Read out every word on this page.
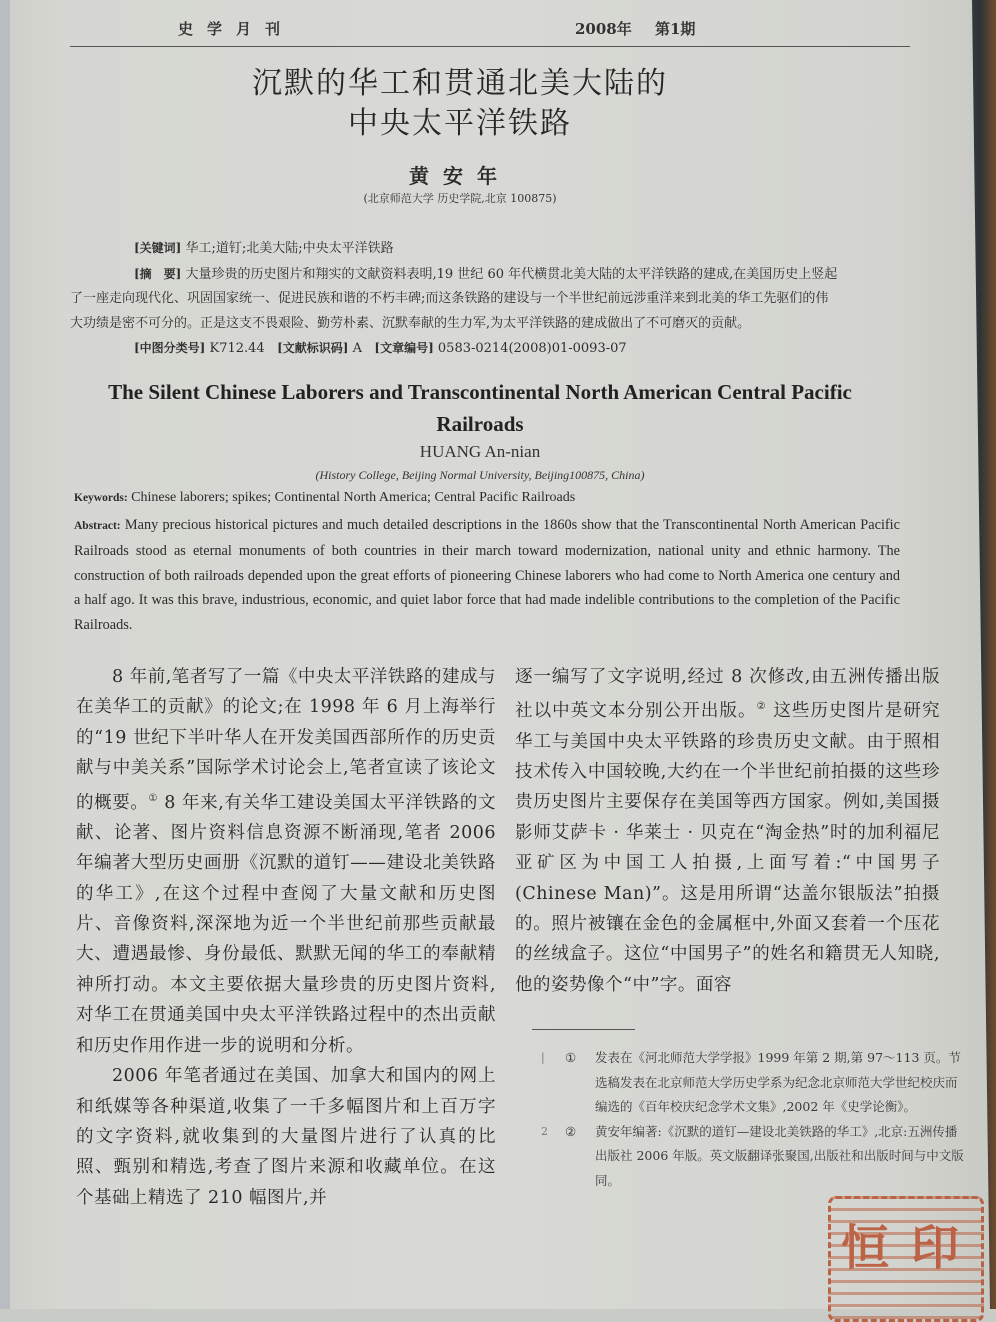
史学月刊	2008年 第1期
沉默的华工和贯通北美大陆的
中央太平洋铁路
黄安年
(北京师范大学 历史学院,北京 100875)
[关键词] 华工;道钉;北美大陆;中央太平洋铁路
[摘　要] 大量珍贵的历史图片和翔实的文献资料表明,19 世纪 60 年代横贯北美大陆的太平洋铁路的建成,在美国历史上竖起了一座走向现代化、巩固国家统一、促进民族和谐的不朽丰碑;而这条铁路的建设与一个半世纪前远涉重洋来到北美的华工先驱们的伟大功绩是密不可分的。正是这支不畏艰险、勤劳朴素、沉默奉献的生力军,为太平洋铁路的建成做出了不可磨灭的贡献。
[中图分类号] K712.44 [文献标识码] A [文章编号] 0583-0214(2008)01-0093-07
The Silent Chinese Laborers and Transcontinental North American Central Pacific Railroads
HUANG An-nian
(History College, Beijing Normal University, Beijing100875, China)
Keywords: Chinese laborers; spikes; Continental North America; Central Pacific Railroads
Abstract: Many precious historical pictures and much detailed descriptions in the 1860s show that the Transcontinental North American Pacific Railroads stood as eternal monuments of both countries in their march toward modernization, national unity and ethnic harmony. The construction of both railroads depended upon the great efforts of pioneering Chinese laborers who had come to North America one century and a half ago. It was this brave, industrious, economic, and quiet labor force that had made indelible contributions to the completion of the Pacific Railroads.

8 年前,笔者写了一篇《中央太平洋铁路的建成与在美华工的贡献》的论文;在 1998 年 6 月上海举行的“19 世纪下半叶华人在开发美国西部所作的历史贡献与中美关系”国际学术讨论会上,笔者宣读了该论文的概要。① 8 年来,有关华工建设美国太平洋铁路的文献、论著、图片资料信息资源不断涌现,笔者 2006 年编著大型历史画册《沉默的道钉——建设北美铁路的华工》,在这个过程中查阅了大量文献和历史图片、音像资料,深深地为近一个半世纪前那些贡献最大、遭遇最惨、身份最低、默默无闻的华工的奉献精神所打动。本文主要依据大量珍贵的历史图片资料,对华工在贯通美国中央太平洋铁路过程中的杰出贡献和历史作用作进一步的说明和分析。

2006 年笔者通过在美国、加拿大和国内的网上和纸媒等各种渠道,收集了一千多幅图片和上百万字的文字资料,就收集到的大量图片进行了认真的比照、甄别和精选,考查了图片来源和收藏单位。在这个基础上精选了 210 幅图片,并

逐一编写了文字说明,经过 8 次修改,由五洲传播出版社以中英文本分别公开出版。② 这些历史图片是研究华工与美国中央太平铁路的珍贵历史文献。由于照相技术传入中国较晚,大约在一个半世纪前拍摄的这些珍贵历史图片主要保存在美国等西方国家。例如,美国摄影师艾萨卡 · 华莱士 · 贝克在“淘金热”时的加利福尼亚矿区为中国工人拍摄,上面写着:“中国男子(Chinese Man)”。这是用所谓“达盖尔银版法”拍摄的。照片被镶在金色的金属框中,外面又套着一个压花的丝绒盒子。这位“中国男子”的姓名和籍贯无人知晓,他的姿势像个“中”字。面容

| ① 发表在《河北师范大学学报》1999 年第 2 期,第 97～113 页。节选稿发表在北京师范大学历史学系为纪念北京师范大学世纪校庆而编选的《百年校庆纪念学术文集》,2002 年《史学论衡》。
2 ② 黄安年编著:《沉默的道钉—建设北美铁路的华工》,北京:五洲传播出版社 2006 年版。英文版翻译张聚国,出版社和出版时间与中文版同。
恒 印
